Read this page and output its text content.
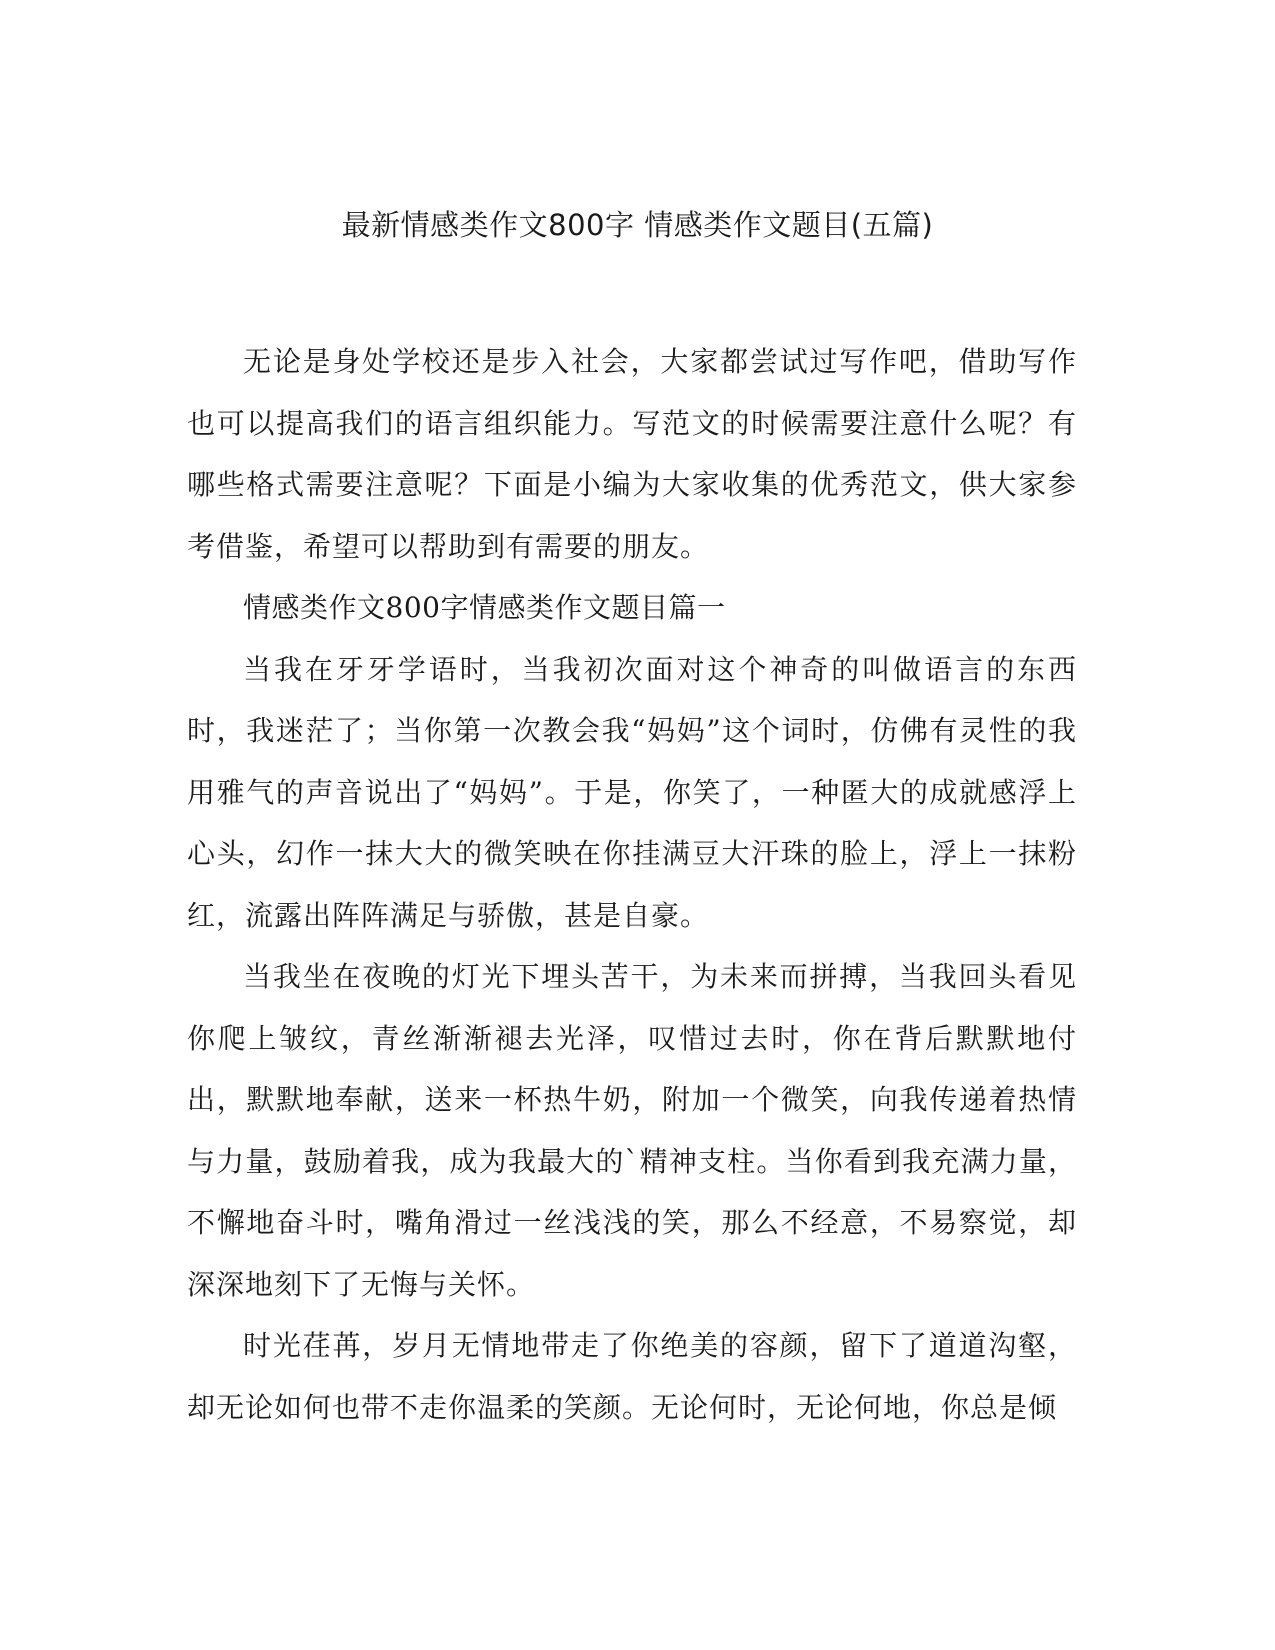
最新情感类作文800字 情感类作文题目(五篇)

无论是身处学校还是步入社会，大家都尝试过写作吧，借助写作也可以提高我们的语言组织能力。写范文的时候需要注意什么呢？有哪些格式需要注意呢？下面是小编为大家收集的优秀范文，供大家参考借鉴，希望可以帮助到有需要的朋友。

情感类作文800字情感类作文题目篇一

当我在牙牙学语时，当我初次面对这个神奇的叫做语言的东西时，我迷茫了；当你第一次教会我“妈妈”这个词时，仿佛有灵性的我用雅气的声音说出了“妈妈”。于是，你笑了，一种匿大的成就感浮上心头，幻作一抹大大的微笑映在你挂满豆大汗珠的脸上，浮上一抹粉红，流露出阵阵满足与骄傲，甚是自豪。

当我坐在夜晚的灯光下埋头苦干，为未来而拼搏，当我回头看见你爬上皱纹，青丝渐渐褪去光泽，叹惜过去时，你在背后默默地付出，默默地奉献，送来一杯热牛奶，附加一个微笑，向我传递着热情与力量，鼓励着我，成为我最大的`精神支柱。当你看到我充满力量，不懈地奋斗时，嘴角滑过一丝浅浅的笑，那么不经意，不易察觉，却深深地刻下了无悔与关怀。

时光荏苒，岁月无情地带走了你绝美的容颜，留下了道道沟壑，却无论如何也带不走你温柔的笑颜。无论何时，无论何地，你总是倾
